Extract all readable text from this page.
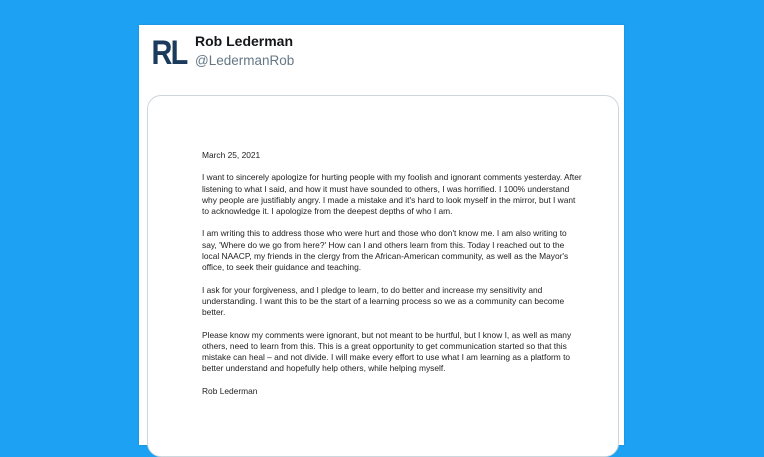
RL Rob Lederman
@LedermanRob

March 25, 2021

I want to sincerely apologize for hurting people with my foolish and ignorant comments yesterday. After listening to what I said, and how it must have sounded to others, I was horrified. I 100% understand why people are justifiably angry. I made a mistake and it's hard to look myself in the mirror, but I want to acknowledge it. I apologize from the deepest depths of who I am.

I am writing this to address those who were hurt and those who don't know me. I am also writing to say, 'Where do we go from here?' How can I and others learn from this. Today I reached out to the local NAACP, my friends in the clergy from the African-American community, as well as the Mayor's office, to seek their guidance and teaching.

I ask for your forgiveness, and I pledge to learn, to do better and increase my sensitivity and understanding. I want this to be the start of a learning process so we as a community can become better.

Please know my comments were ignorant, but not meant to be hurtful, but I know I, as well as many others, need to learn from this. This is a great opportunity to get communication started so that this mistake can heal – and not divide. I will make every effort to use what I am learning as a platform to better understand and hopefully help others, while helping myself.

Rob Lederman
